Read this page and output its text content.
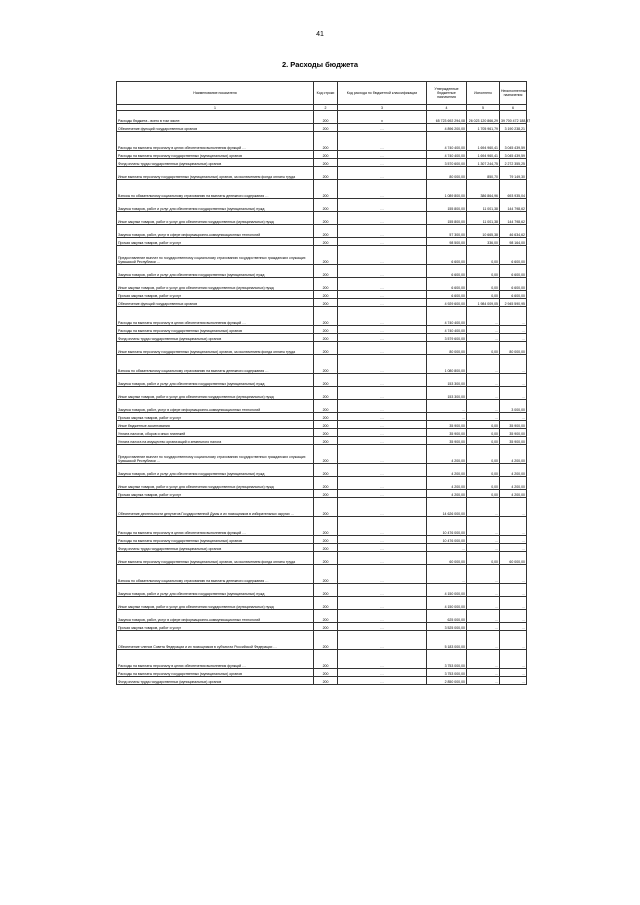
41
2. Расходы бюджета
Наименование показателя	Код строки	Код расхода по бюджетной классификации	Утвержденные бюджетные назначения	Исполнено	Неисполненные назначения
1	2	3	4	5	6
Расходы бюджета - всего в том числе:	200	x	65 723 692 294,08	26 023 120 866,29	39 700 472 188,97
Обеспечение функций государственных органов	200	…	4 896 200,00	1 705 961,79	3 190 238,21
Расходы на выплаты персоналу в целях обеспечения выполнения функций …	200	…	4 740 400,00	1 694 960,41	3 045 439,59
Расходы на выплаты персоналу государственных (муниципальных) органов	200	…	4 740 400,00	1 694 960,41	3 045 439,59
Фонд оплаты труда государственных (муниципальных) органов	200	…	3 570 600,00	1 307 244,75	2 272 355,25
Иные выплаты персоналу государственных (муниципальных) органов, за исключением фонда оплаты труда	200	…	80 000,00	850,70	79 149,30
Взносы по обязательному социальному страхованию на выплаты денежного содержания …	200	…	1 089 800,00	386 864,96	693 935,04
Закупка товаров, работ и услуг для обеспечения государственных (муниципальных) нужд	200	…	155 800,00	11 001,38	144 798,62
Иные закупки товаров, работ и услуг для обеспечения государственных (муниципальных) нужд	200	…	155 800,00	11 001,38	144 798,62
Закупка товаров, работ, услуг в сфере информационно-коммуникационных технологий	200	…	57 300,00	10 665,38	46 634,62
Прочая закупка товаров, работ и услуг	200	…	98 500,00	336,00	98 164,00
Предоставление выплат по государственному социальному страхованию государственных гражданских служащих Чувашской Республики …	200	…	6 600,00	0,00	6 600,00
Закупка товаров, работ и услуг для обеспечения государственных (муниципальных) нужд	200	…	6 600,00	0,00	6 600,00
Иные закупки товаров, работ и услуг для обеспечения государственных (муниципальных) нужд	200	…	6 600,00	0,00	6 600,00
Прочая закупка товаров, работ и услуг	200	…	6 600,00	0,00	6 600,00
Обеспечение функций государственных органов	200	…	4 929 600,00	1 984 009,05	2 945 590,95
Расходы на выплаты персоналу в целях обеспечения выполнения функций …	200	…	4 740 400,00	…	…
Расходы на выплаты персоналу государственных (муниципальных) органов	200	…	4 740 400,00	…	…
Фонд оплаты труда государственных (муниципальных) органов	200	…	3 579 600,00	…	…
Иные выплаты персоналу государственных (муниципальных) органов, за исключением фонда оплаты труда	200	…	80 000,00	0,00	80 000,00
Взносы по обязательному социальному страхованию на выплаты денежного содержания …	200	…	1 080 800,00	…	…
Закупка товаров, работ и услуг для обеспечения государственных (муниципальных) нужд	200	…	153 300,00	…	…
Иные закупки товаров, работ и услуг для обеспечения государственных (муниципальных) нужд	200	…	153 300,00	…	…
Закупка товаров, работ, услуг в сфере информационно-коммуникационных технологий	200	…	…	…	3 000,00
Прочая закупка товаров, работ и услуг	200	…	…	…	…
Иные бюджетные ассигнования	200	…	35 900,00	0,00	35 900,00
Уплата налогов, сборов и иных платежей	200	…	35 900,00	0,00	35 900,00
Уплата налога на имущество организаций и земельного налога	200	…	35 900,00	0,00	35 900,00
Предоставление выплат по государственному социальному страхованию государственных гражданских служащих Чувашской Республики …	200	…	4 200,00	0,00	4 200,00
Закупка товаров, работ и услуг для обеспечения государственных (муниципальных) нужд	200	…	4 200,00	0,00	4 200,00
Иные закупки товаров, работ и услуг для обеспечения государственных (муниципальных) нужд	200	…	4 200,00	0,00	4 200,00
Прочая закупка товаров, работ и услуг	200	…	4 200,00	0,00	4 200,00
Обеспечение деятельности депутатов Государственной Думы и их помощников в избирательных округах …	200	…	14 626 000,00	…	…
Расходы на выплаты персоналу в целях обеспечения выполнения функций …	200	…	10 476 000,00	…	…
Расходы на выплаты персоналу государственных (муниципальных) органов	200	…	10 476 000,00	…	…
Фонд оплаты труда государственных (муниципальных) органов	200	…	…	…	…
Иные выплаты персоналу государственных (муниципальных) органов, за исключением фонда оплаты труда	200	…	60 000,00	0,00	60 000,00
Взносы по обязательному социальному страхованию на выплаты денежного содержания …	200	…	…	…	…
Закупка товаров, работ и услуг для обеспечения государственных (муниципальных) нужд	200	…	4 150 000,00	…	…
Иные закупки товаров, работ и услуг для обеспечения государственных (муниципальных) нужд	200	…	4 150 000,00	…	…
Закупка товаров, работ, услуг в сфере информационно-коммуникационных технологий	200	…	625 000,00	…	…
Прочая закупка товаров, работ и услуг	200	…	3 525 000,00	…	…
Обеспечение членов Совета Федерации и их помощников в субъектах Российской Федерации …	200	…	5 183 000,00	…	…
Расходы на выплаты персоналу в целях обеспечения выполнения функций …	200	…	3 753 000,00	…	…
Расходы на выплаты персоналу государственных (муниципальных) органов	200	…	3 753 000,00	…	…
Фонд оплаты труда государственных (муниципальных) органов	200	…	2 850 000,00	…	…
